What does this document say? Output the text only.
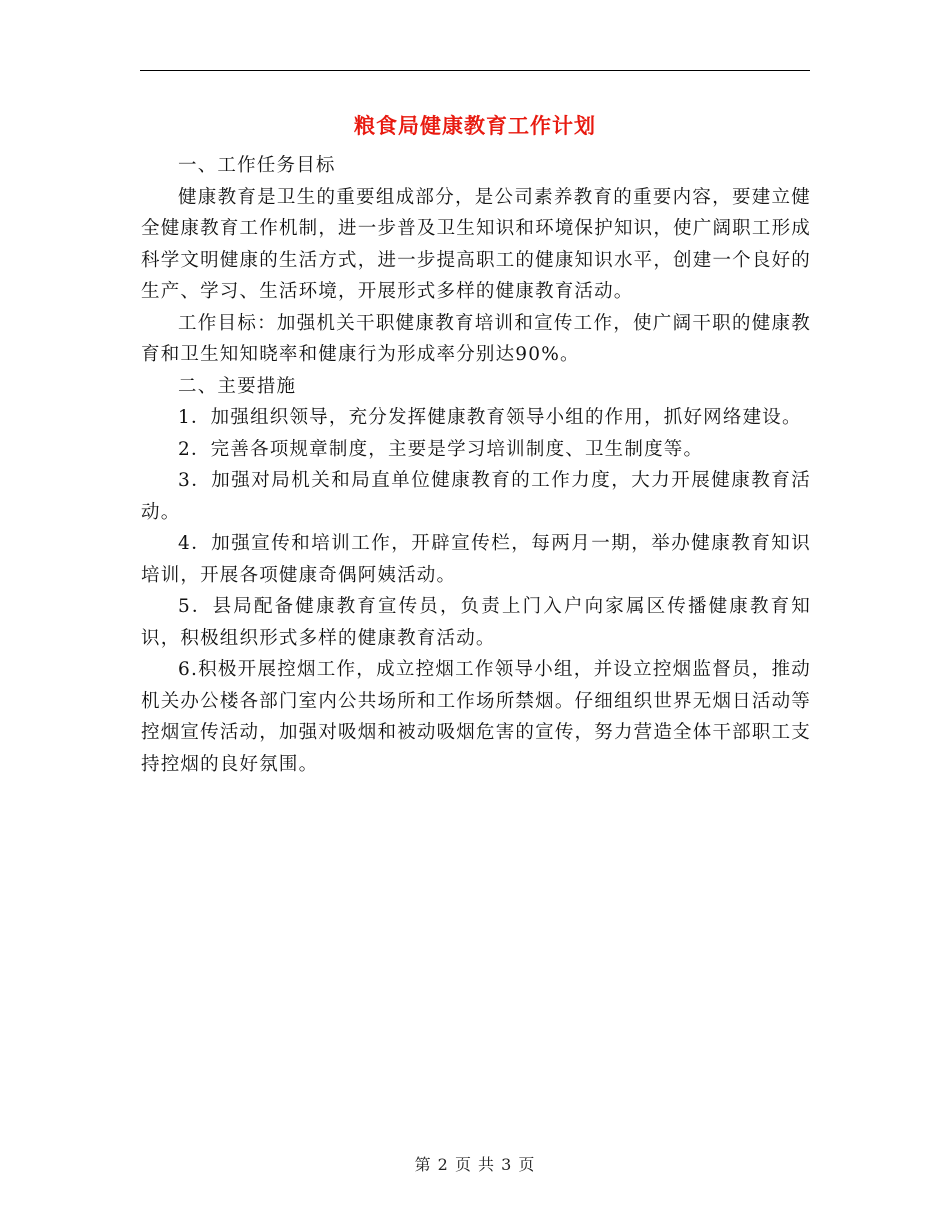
粮食局健康教育工作计划

一、工作任务目标

健康教育是卫生的重要组成部分，是公司素养教育的重要内容，要建立健全健康教育工作机制，进一步普及卫生知识和环境保护知识，使广阔职工形成科学文明健康的生活方式，进一步提高职工的健康知识水平，创建一个良好的生产、学习、生活环境，开展形式多样的健康教育活动。

工作目标：加强机关干职健康教育培训和宣传工作，使广阔干职的健康教育和卫生知知晓率和健康行为形成率分别达90%。

二、主要措施

1．加强组织领导，充分发挥健康教育领导小组的作用，抓好网络建设。

2．完善各项规章制度，主要是学习培训制度、卫生制度等。

3．加强对局机关和局直单位健康教育的工作力度，大力开展健康教育活动。

4．加强宣传和培训工作，开辟宣传栏，每两月一期，举办健康教育知识培训，开展各项健康奇偶阿姨活动。

5．县局配备健康教育宣传员，负责上门入户向家属区传播健康教育知识，积极组织形式多样的健康教育活动。

6.积极开展控烟工作，成立控烟工作领导小组，并设立控烟监督员，推动机关办公楼各部门室内公共场所和工作场所禁烟。仔细组织世界无烟日活动等控烟宣传活动，加强对吸烟和被动吸烟危害的宣传，努力营造全体干部职工支持控烟的良好氛围。

第 2 页 共 3 页
